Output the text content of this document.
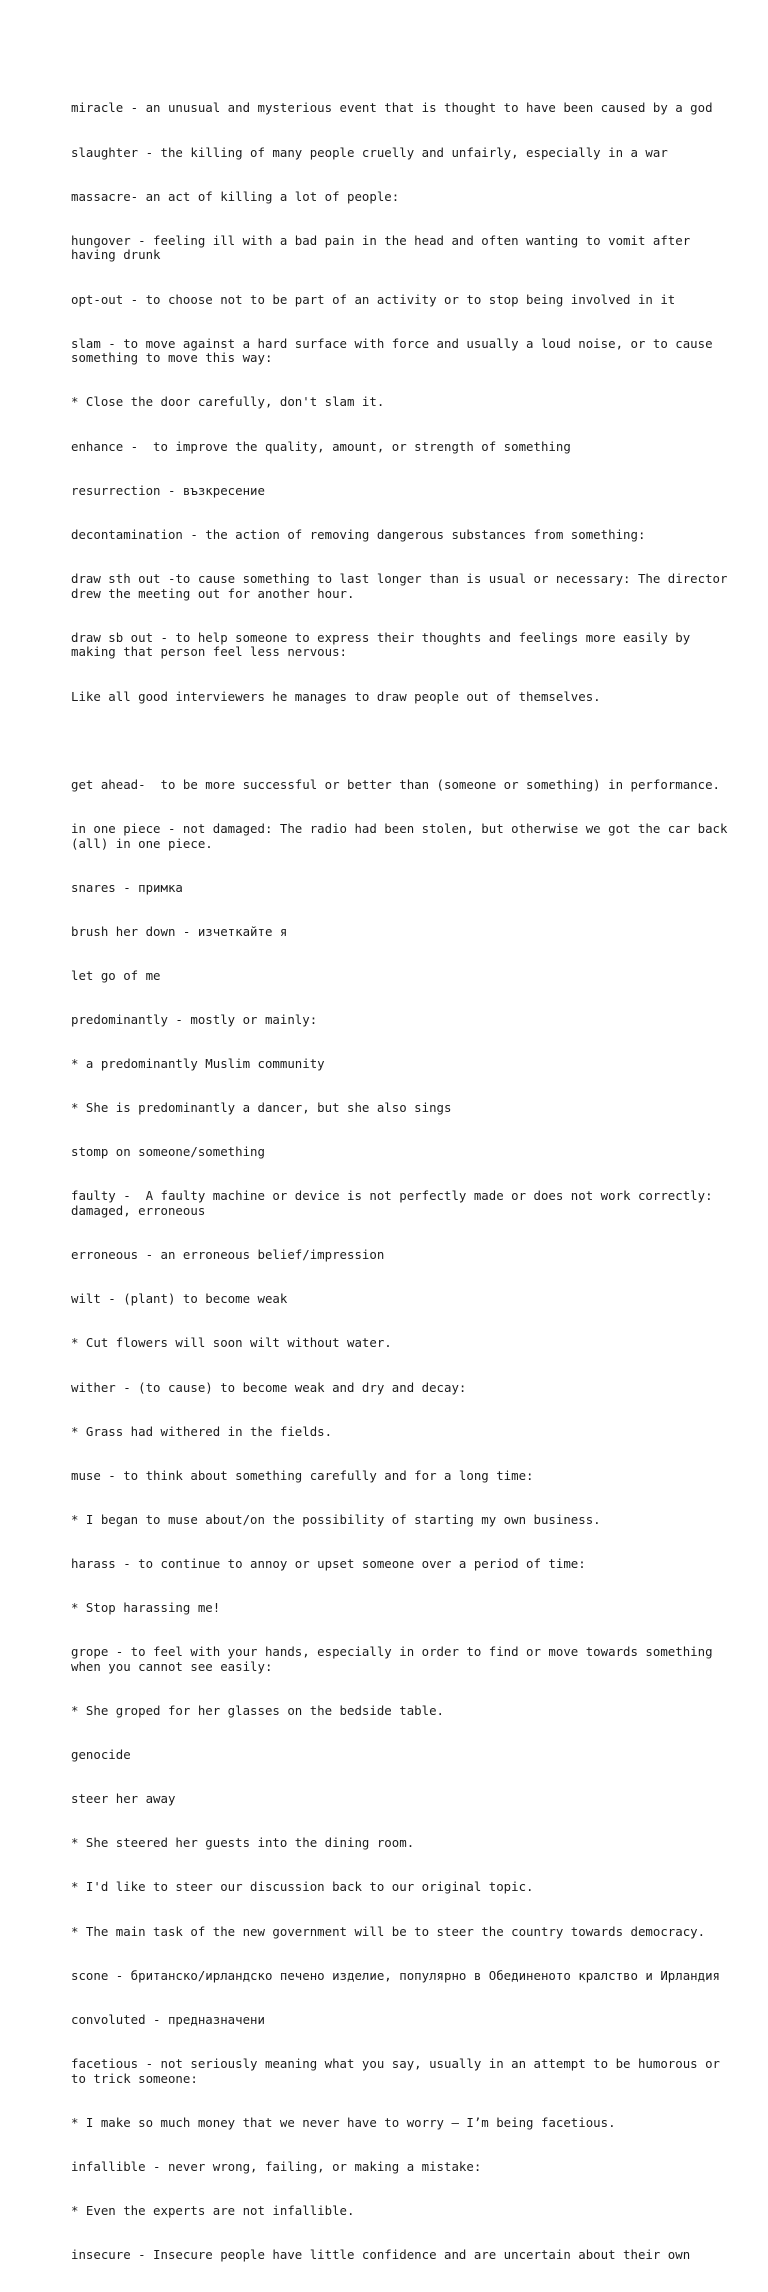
miracle - an unusual and mysterious event that is thought to have been caused by a god

slaughter - the killing of many people cruelly and unfairly, especially in a war

massacre- an act of killing a lot of people:

hungover - feeling ill with a bad pain in the head and often wanting to vomit after having drunk

opt-out - to choose not to be part of an activity or to stop being involved in it

slam - to move against a hard surface with force and usually a loud noise, or to cause something to move this way:

* Close the door carefully, don't slam it.

enhance -  to improve the quality, amount, or strength of something

resurrection - възкресение

decontamination - the action of removing dangerous substances from something:

draw sth out -to cause something to last longer than is usual or necessary: The director drew the meeting out for another hour.

draw sb out - to help someone to express their thoughts and feelings more easily by making that person feel less nervous:

Like all good interviewers he manages to draw people out of themselves.

get ahead-  to be more successful or better than (someone or something) in performance.

in one piece - not damaged: The radio had been stolen, but otherwise we got the car back (all) in one piece.

snares - примка

brush her down - изчеткайте я

let go of me

predominantly - mostly or mainly:

* a predominantly Muslim community

* She is predominantly a dancer, but she also sings

stomp on someone/something

faulty -  A faulty machine or device is not perfectly made or does not work correctly: damaged, erroneous

erroneous - an erroneous belief/impression

wilt - (plant) to become weak

* Cut flowers will soon wilt without water.

wither - (to cause) to become weak and dry and decay:

* Grass had withered in the fields.

muse - to think about something carefully and for a long time:

* I began to muse about/on the possibility of starting my own business.

harass - to continue to annoy or upset someone over a period of time:

* Stop harassing me!

grope - to feel with your hands, especially in order to find or move towards something when you cannot see easily:

* She groped for her glasses on the bedside table.

genocide

steer her away

* She steered her guests into the dining room.

* I'd like to steer our discussion back to our original topic.

* The main task of the new government will be to steer the country towards democracy.

scone - британско/ирландско печено изделие, популярно в Обединеното кралство и Ирландия

convoluted - предназначени

facetious - not seriously meaning what you say, usually in an attempt to be humorous or to trick someone:

* I make so much money that we never have to worry – I’m being facetious.

infallible - never wrong, failing, or making a mistake:

* Even the experts are not infallible.

insecure - Insecure people have little confidence and are uncertain about their own
